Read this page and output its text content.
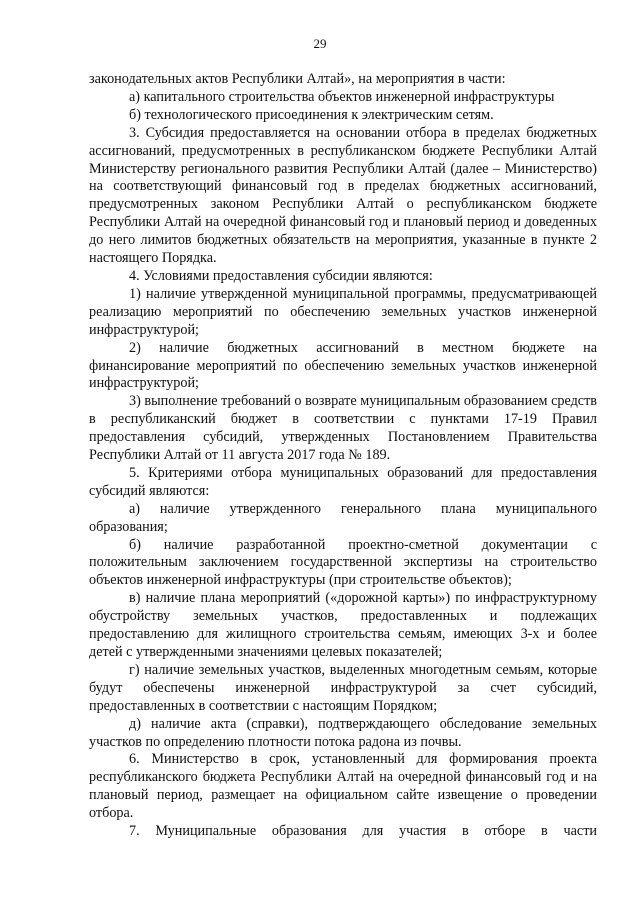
29

законодательных актов Республики Алтай», на мероприятия в части:

а) капитального строительства объектов инженерной инфраструктуры

б) технологического присоединения к электрическим сетям.

3. Субсидия предоставляется на основании отбора в пределах бюджетных ассигнований, предусмотренных в республиканском бюджете Республики Алтай Министерству регионального развития Республики Алтай (далее – Министерство) на соответствующий финансовый год в пределах бюджетных ассигнований, предусмотренных законом Республики Алтай о республиканском бюджете Республики Алтай на очередной финансовый год и плановый период и доведенных до него лимитов бюджетных обязательств на мероприятия, указанные в пункте 2 настоящего Порядка.

4. Условиями предоставления субсидии являются:

1) наличие утвержденной муниципальной программы, предусматривающей реализацию мероприятий по обеспечению земельных участков инженерной инфраструктурой;

2) наличие бюджетных ассигнований в местном бюджете на финансирование мероприятий по обеспечению земельных участков инженерной инфраструктурой;

3) выполнение требований о возврате муниципальным образованием средств в республиканский бюджет в соответствии с пунктами 17-19 Правил предоставления субсидий, утвержденных Постановлением Правительства Республики Алтай от 11 августа 2017 года № 189.

5. Критериями отбора муниципальных образований для предоставления субсидий являются:

а) наличие утвержденного генерального плана муниципального образования;

б) наличие разработанной проектно-сметной документации с положительным заключением государственной экспертизы на строительство объектов инженерной инфраструктуры (при строительстве объектов);

в) наличие плана мероприятий («дорожной карты») по инфраструктурному обустройству земельных участков, предоставленных и подлежащих предоставлению для жилищного строительства семьям, имеющих 3-х и более детей с утвержденными значениями целевых показателей;

г) наличие земельных участков, выделенных многодетным семьям, которые будут обеспечены инженерной инфраструктурой за счет субсидий, предоставленных в соответствии с настоящим Порядком;

д) наличие акта (справки), подтверждающего обследование земельных участков по определению плотности потока радона из почвы.

6. Министерство в срок, установленный для формирования проекта республиканского бюджета Республики Алтай на очередной финансовый год и на плановый период, размещает на официальном сайте извещение о проведении отбора.

7. Муниципальные образования для участия в отборе в части
